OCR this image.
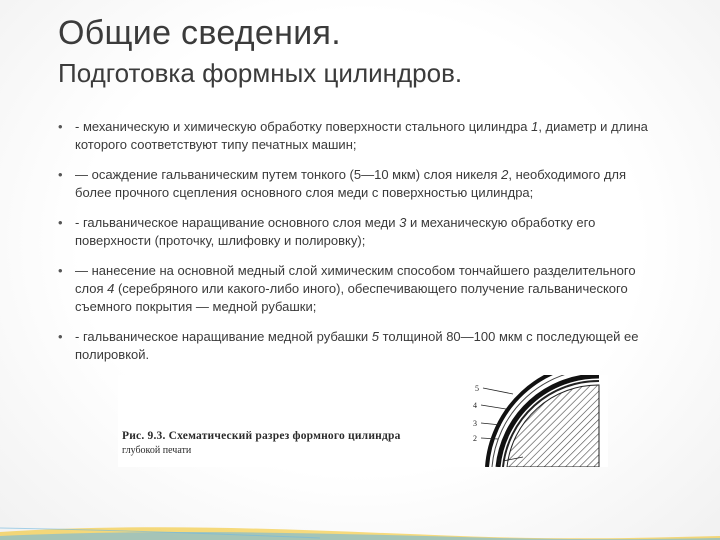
Общие сведения.
Подготовка формных цилиндров.
• - механическую и химическую обработку поверхности стального цилиндра 1, диаметр и длина которого соответствуют типу печатных машин;
• — осаждение гальваническим путем тонкого (5—10 мкм) слоя никеля 2, необходимого для более прочного сцепления основного слоя меди с поверхностью цилиндра;
• - гальваническое наращивание основного слоя меди 3 и механическую обработку его поверхности (проточку, шлифовку и полировку);
• — нанесение на основной медный слой химическим способом тончайшего разделительного слоя 4 (серебряного или какого-либо иного), обеспечивающего получение гальванического съемного покрытия — медной рубашки;
• - гальваническое наращивание медной рубашки 5 толщиной 80—100 мкм с последующей ее полировкой.
Рис. 9.3. Схематический разрез формного цилиндра
глубокой печати
5
4
3
2
1
